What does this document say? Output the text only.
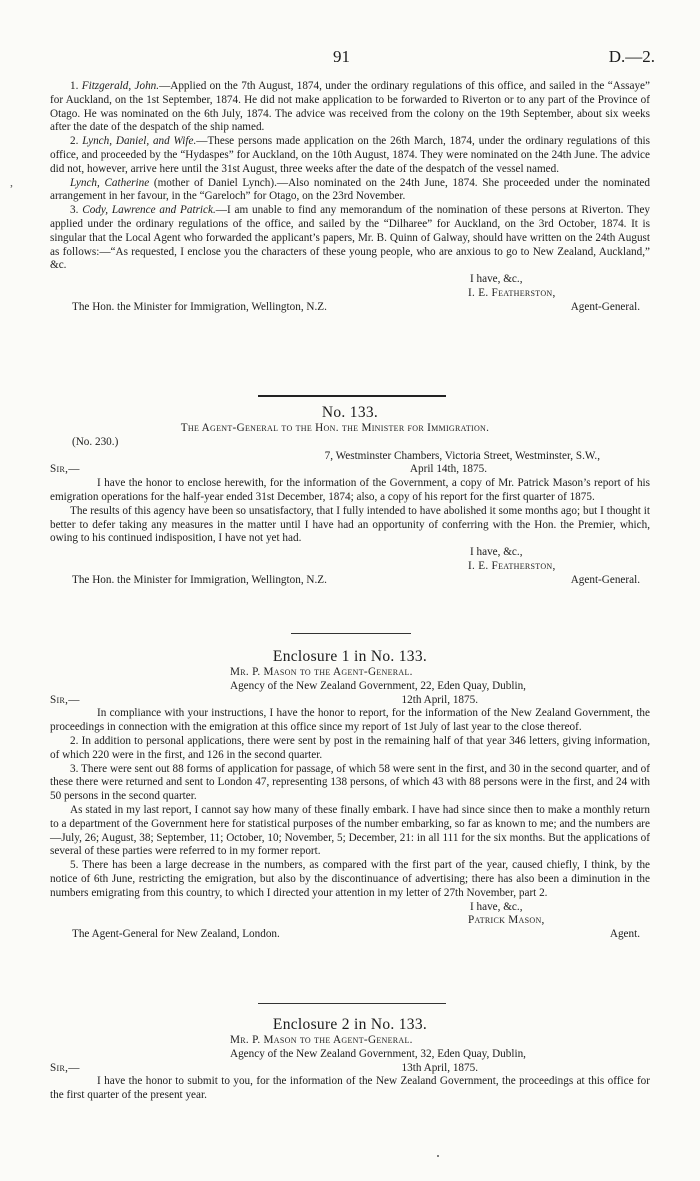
91	D.—2.
,

1. Fitzgerald, John.—Applied on the 7th August, 1874, under the ordinary regulations of this office, and sailed in the “Assaye” for Auckland, on the 1st September, 1874. He did not make application to be forwarded to Riverton or to any part of the Province of Otago. He was nominated on the 6th July, 1874. The advice was received from the colony on the 19th September, about six weeks after the date of the despatch of the ship named.

2. Lynch, Daniel, and Wife.—These persons made application on the 26th March, 1874, under the ordinary regulations of this office, and proceeded by the “Hydaspes” for Auckland, on the 10th August, 1874. They were nominated on the 24th June. The advice did not, however, arrive here until the 31st August, three weeks after the date of the despatch of the vessel named.

Lynch, Catherine (mother of Daniel Lynch).—Also nominated on the 24th June, 1874. She proceeded under the nominated arrangement in her favour, in the “Gareloch” for Otago, on the 23rd November.

3. Cody, Lawrence and Patrick.—I am unable to find any memorandum of the nomination of these persons at Riverton. They applied under the ordinary regulations of the office, and sailed by the “Dilharee” for Auckland, on the 3rd October, 1874. It is singular that the Local Agent who forwarded the applicant’s papers, Mr. B. Quinn of Galway, should have written on the 24th August as follows:—“As requested, I enclose you the characters of these young people, who are anxious to go to New Zealand, Auckland,” &c.

I have, &c.,
I. E. Featherston,
The Hon. the Minister for Immigration, Wellington, N.Z.	Agent-General.
No. 133.
The Agent-General to the Hon. the Minister for Immigration.
(No. 230.)
7, Westminster Chambers, Victoria Street, Westminster, S.W.,
Sir,—	April 14th, 1875.

I have the honor to enclose herewith, for the information of the Government, a copy of Mr. Patrick Mason’s report of his emigration operations for the half-year ended 31st December, 1874; also, a copy of his report for the first quarter of 1875.

The results of this agency have been so unsatisfactory, that I fully intended to have abolished it some months ago; but I thought it better to defer taking any measures in the matter until I have had an opportunity of conferring with the Hon. the Premier, which, owing to his continued indisposition, I have not yet had.

I have, &c.,
I. E. Featherston,
The Hon. the Minister for Immigration, Wellington, N.Z.	Agent-General.
Enclosure 1 in No. 133.
Mr. P. Mason to the Agent-General.
Agency of the New Zealand Government, 22, Eden Quay, Dublin,
Sir,—	12th April, 1875.

In compliance with your instructions, I have the honor to report, for the information of the New Zealand Government, the proceedings in connection with the emigration at this office since my report of 1st July of last year to the close thereof.

2. In addition to personal applications, there were sent by post in the remaining half of that year 346 letters, giving information, of which 220 were in the first, and 126 in the second quarter.

3. There were sent out 88 forms of application for passage, of which 58 were sent in the first, and 30 in the second quarter, and of these there were returned and sent to London 47, representing 138 persons, of which 43 with 88 persons were in the first, and 24 with 50 persons in the second quarter.

As stated in my last report, I cannot say how many of these finally embark. I have had since since then to make a monthly return to a department of the Government here for statistical purposes of the number embarking, so far as known to me; and the numbers are—July, 26; August, 38; September, 11; October, 10; November, 5; December, 21: in all 111 for the six months. But the applications of several of these parties were referred to in my former report.

5. There has been a large decrease in the numbers, as compared with the first part of the year, caused chiefly, I think, by the notice of 6th June, restricting the emigration, but also by the discontinuance of advertising; there has also been a diminution in the numbers emigrating from this country, to which I directed your attention in my letter of 27th November, part 2.

I have, &c.,
Patrick Mason,
The Agent-General for New Zealand, London.	Agent.
Enclosure 2 in No. 133.
Mr. P. Mason to the Agent-General.
Agency of the New Zealand Government, 32, Eden Quay, Dublin,
Sir,—	13th April, 1875.

I have the honor to submit to you, for the information of the New Zealand Government, the proceedings at this office for the first quarter of the present year.
